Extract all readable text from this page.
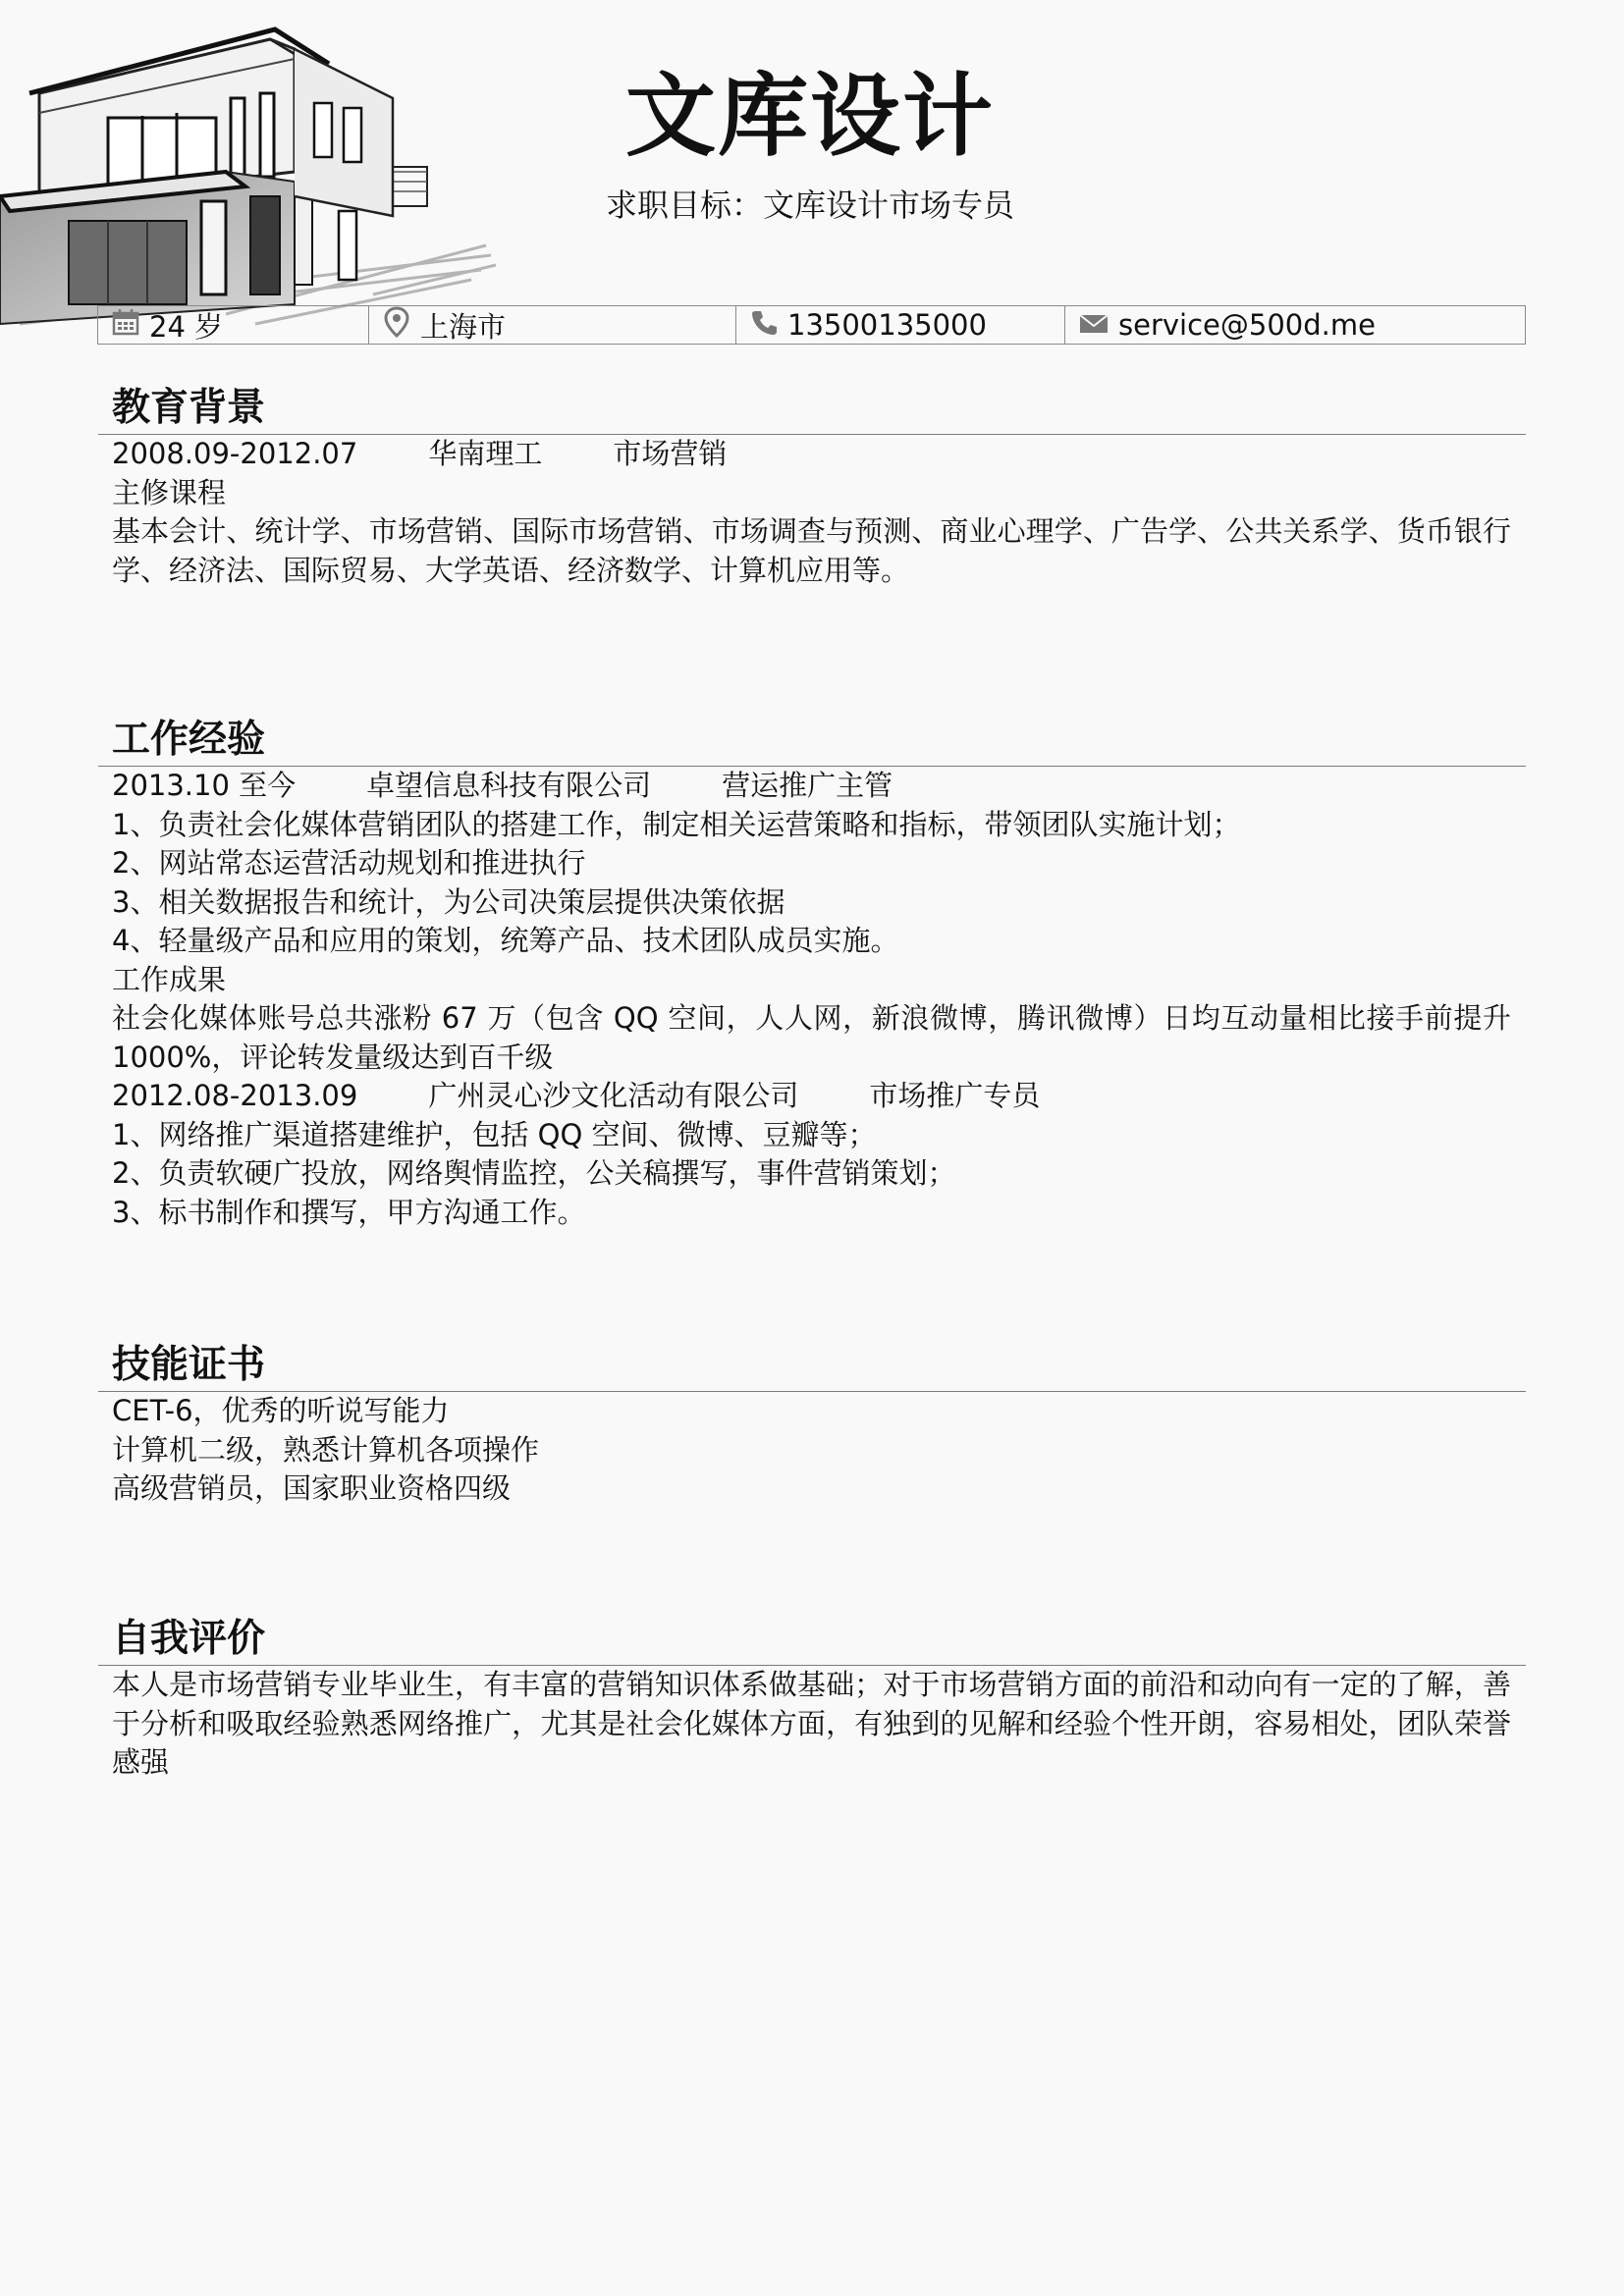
文库设计
求职目标：文库设计市场专员
24 岁	上海市	13500135000	service@500d.me
教育背景
2008.09-2012.07 华南理工 市场营销
主修课程
基本会计、统计学、市场营销、国际市场营销、市场调查与预测、商业心理学、广告学、公共关系学、货币银行学、经济法、国际贸易、大学英语、经济数学、计算机应用等。
工作经验
2013.10 至今 卓望信息科技有限公司 营运推广主管
1、负责社会化媒体营销团队的搭建工作，制定相关运营策略和指标，带领团队实施计划；
2、网站常态运营活动规划和推进执行
3、相关数据报告和统计，为公司决策层提供决策依据
4、轻量级产品和应用的策划，统筹产品、技术团队成员实施。
工作成果
社会化媒体账号总共涨粉 67 万（包含 QQ 空间，人人网，新浪微博，腾讯微博）日均互动量相比接手前提升 1000%，评论转发量级达到百千级
2012.08-2013.09 广州灵心沙文化活动有限公司 市场推广专员
1、网络推广渠道搭建维护，包括 QQ 空间、微博、豆瓣等；
2、负责软硬广投放，网络舆情监控，公关稿撰写，事件营销策划；
3、标书制作和撰写，甲方沟通工作。
技能证书
CET-6，优秀的听说写能力
计算机二级，熟悉计算机各项操作
高级营销员，国家职业资格四级
自我评价
本人是市场营销专业毕业生，有丰富的营销知识体系做基础；对于市场营销方面的前沿和动向有一定的了解，善于分析和吸取经验熟悉网络推广，尤其是社会化媒体方面，有独到的见解和经验个性开朗，容易相处，团队荣誉感强
